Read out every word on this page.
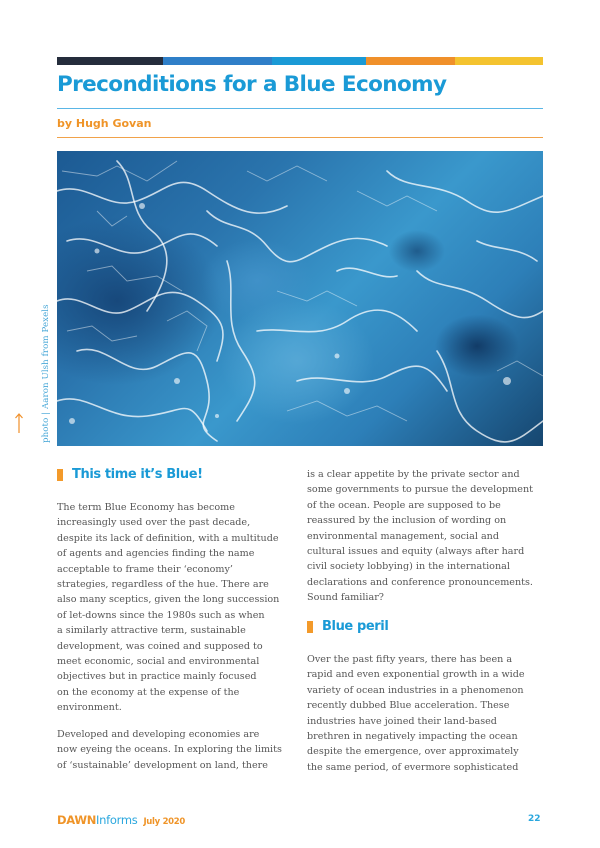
Preconditions for a Blue Economy
by Hugh Govan
photo | Aaron Ulsh from Pexels
This time it’s Blue!
The term Blue Economy has become
increasingly used over the past decade,
despite its lack of definition, with a multitude
of agents and agencies finding the name
acceptable to frame their ‘economy’
strategies, regardless of the hue. There are
also many sceptics, given the long succession
of let-downs since the 1980s such as when
a similarly attractive term, sustainable
development, was coined and supposed to
meet economic, social and environmental
objectives but in practice mainly focused
on the economy at the expense of the
environment.
Developed and developing economies are
now eyeing the oceans. In exploring the limits
of ‘sustainable’ development on land, there
is a clear appetite by the private sector and
some governments to pursue the development
of the ocean. People are supposed to be
reassured by the inclusion of wording on
environmental management, social and
cultural issues and equity (always after hard
civil society lobbying) in the international
declarations and conference pronouncements.
Sound familiar?
Blue peril
Over the past fifty years, there has been a
rapid and even exponential growth in a wide
variety of ocean industries in a phenomenon
recently dubbed Blue acceleration. These
industries have joined their land-based
brethren in negatively impacting the ocean
despite the emergence, over approximately
the same period, of evermore sophisticated
DAWNInforms July 2020	22
